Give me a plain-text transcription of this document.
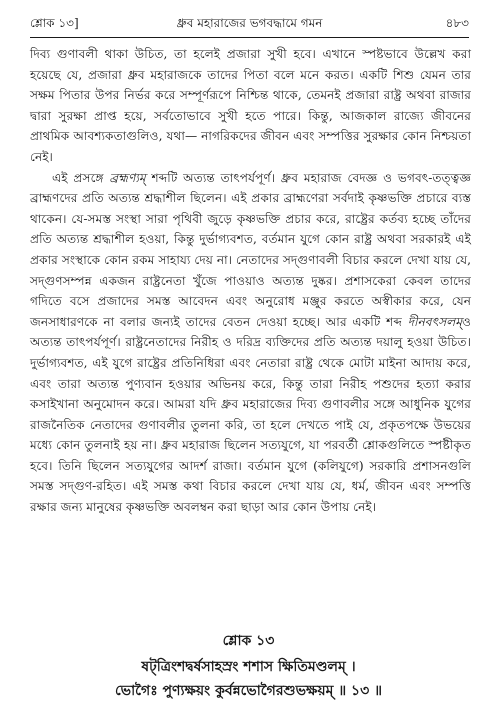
শ্লোক ১৩]	ধ্রুব মহারাজের ভগবদ্ধামে গমন	৪৮৩

দিব্য গুণাবলী থাকা উচিত, তা হলেই প্রজারা সুখী হবে। এখানে স্পষ্টভাবে উল্লেখ করা হয়েছে যে, প্রজারা ধ্রুব মহারাজকে তাদের পিতা বলে মনে করত। একটি শিশু যেমন তার সক্ষম পিতার উপর নির্ভর করে সম্পূর্ণরূপে নিশ্চিন্ত থাকে, তেমনই প্রজারা রাষ্ট্র অথবা রাজার দ্বারা সুরক্ষা প্রাপ্ত হয়ে, সর্বতোভাবে সুখী হতে পারে। কিন্তু, আজকাল রাজ্যে জীবনের প্রাথমিক আবশ্যকতাগুলিও, যথা— নাগরিকদের জীবন এবং সম্পত্তির সুরক্ষার কোন নিশ্চয়তা নেই।

এই প্রসঙ্গে ব্রহ্মণ্যম্ শব্দটি অত্যন্ত তাৎপর্যপূর্ণ। ধ্রুব মহারাজ বেদজ্ঞ ও ভগবৎ-তত্ত্বজ্ঞ ব্রাহ্মণদের প্রতি অত্যন্ত শ্রদ্ধাশীল ছিলেন। এই প্রকার ব্রাহ্মণেরা সর্বদাই কৃষ্ণভক্তি প্রচারে ব্যস্ত থাকেন। যে-সমস্ত সংস্থা সারা পৃথিবী জুড়ে কৃষ্ণভক্তি প্রচার করে, রাষ্ট্রের কর্তব্য হচ্ছে তাঁদের প্রতি অত্যন্ত শ্রদ্ধাশীল হওয়া, কিন্তু দুর্ভাগ্যবশত, বর্তমান যুগে কোন রাষ্ট্র অথবা সরকারই এই প্রকার সংস্থাকে কোন রকম সাহায্য দেয় না। নেতাদের সদ্গুণাবলী বিচার করলে দেখা যায় যে, সদ্গুণসম্পন্ন একজন রাষ্ট্রনেতা খুঁজে পাওয়াও অত্যন্ত দুষ্কর। প্রশাসকেরা কেবল তাদের গদিতে বসে প্রজাদের সমস্ত আবেদন এবং অনুরোধ মঞ্জুর করতে অস্বীকার করে, যেন জনসাধারণকে না বলার জন্যই তাদের বেতন দেওয়া হচ্ছে। আর একটি শব্দ দীনবৎসলম্ও অত্যন্ত তাৎপর্যপূর্ণ। রাষ্ট্রনেতাদের নিরীহ ও দরিদ্র ব্যক্তিদের প্রতি অত্যন্ত দয়ালু হওয়া উচিত। দুর্ভাগ্যবশত, এই যুগে রাষ্ট্রের প্রতিনিধিরা এবং নেতারা রাষ্ট্র থেকে মোটা মাইনা আদায় করে, এবং তারা অত্যন্ত পুণ্যবান হওয়ার অভিনয় করে, কিন্তু তারা নিরীহ পশুদের হত্যা করার কসাইখানা অনুমোদন করে। আমরা যদি ধ্রুব মহারাজের দিব্য গুণাবলীর সঙ্গে আধুনিক যুগের রাজনৈতিক নেতাদের গুণাবলীর তুলনা করি, তা হলে দেখতে পাই যে, প্রকৃতপক্ষে উভয়ের মধ্যে কোন তুলনাই হয় না। ধ্রুব মহারাজ ছিলেন সত্যযুগে, যা পরবর্তী শ্লোকগুলিতে স্পষ্টীকৃত হবে। তিনি ছিলেন সত্যযুগের আদর্শ রাজা। বর্তমান যুগে (কলিযুগে) সরকারি প্রশাসনগুলি সমস্ত সদ্গুণ-রহিত। এই সমস্ত কথা বিচার করলে দেখা যায় যে, ধর্ম, জীবন এবং সম্পত্তি রক্ষার জন্য মানুষের কৃষ্ণভক্তি অবলম্বন করা ছাড়া আর কোন উপায় নেই।

শ্লোক ১৩
ষট্‌ত্রিংশদ্বর্ষসাহস্রং শশাস ক্ষিতিমণ্ডলম্ ।
ভোগৈঃ পুণ্যক্ষয়ং কুর্বন্নভোগৈরশুভক্ষয়ম্ ॥ ১৩ ॥
